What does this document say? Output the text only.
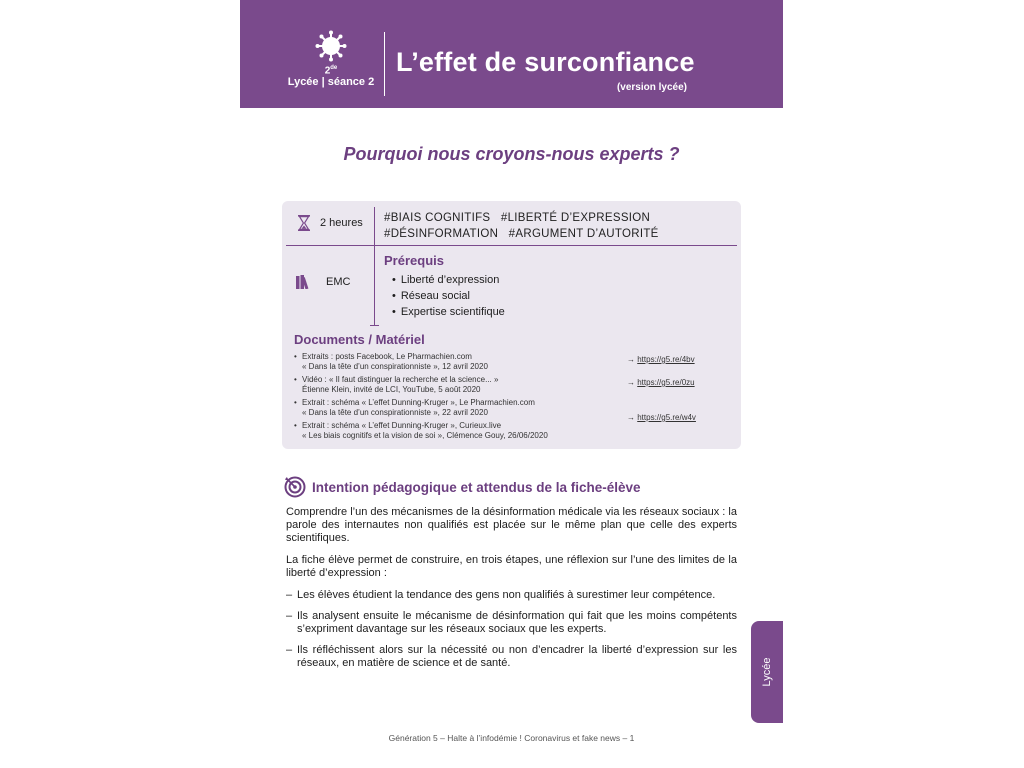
2de
Lycée | séance 2
L’effet de surconfiance
(version lycée)
Pourquoi nous croyons-nous experts ?
2 heures #BIAIS COGNITIFS   #LIBERTÉ D’EXPRESSION
#DÉSINFORMATION   #ARGUMENT D’AUTORITÉ
EMC
Prérequis
• Liberté d’expression
• Réseau social
• Expertise scientifique
Documents / Matériel
• Extraits : posts Facebook, Le Pharmachien.com
« Dans la tête d’un conspirationniste », 12 avril 2020
→ https://g5.re/4bv
• Vidéo : « Il faut distinguer la recherche et la science... »
Étienne Klein, invité de LCI, YouTube, 5 août 2020
→ https://g5.re/0zu
• Extrait : schéma « L’effet Dunning-Kruger », Le Pharmachien.com
« Dans la tête d’un conspirationniste », 22 avril 2020
→ https://g5.re/w4v
• Extrait : schéma « L’effet Dunning-Kruger », Curieux.live
« Les biais cognitifs et la vision de soi », Clémence Gouy, 26/06/2020
Intention pédagogique et attendus de la fiche-élève

Comprendre l’un des mécanismes de la désinformation médicale via les réseaux sociaux : la parole des internautes non qualifiés est placée sur le même plan que celle des experts scientifiques.

La fiche élève permet de construire, en trois étapes, une réflexion sur l’une des limites de la liberté d’expression :

– Les élèves étudient la tendance des gens non qualifiés à surestimer leur compétence.
– Ils analysent ensuite le mécanisme de désinformation qui fait que les moins compétents s’expriment davantage sur les réseaux sociaux que les experts.
– Ils réfléchissent alors sur la nécessité ou non d’encadrer la liberté d’expression sur les réseaux, en matière de science et de santé.
Génération 5 – Halte à l’infodémie ! Coronavirus et fake news – 1
Lycée
